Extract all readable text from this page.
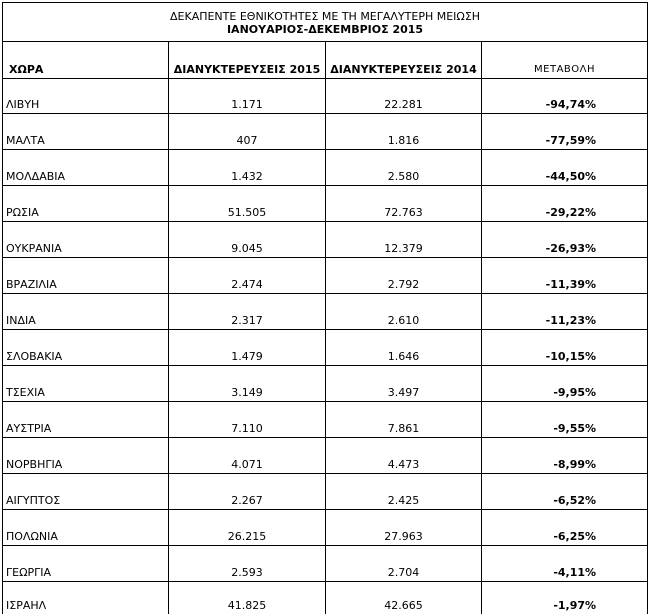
ΔΕΚΑΠΕΝΤΕ ΕΘΝΙΚΟΤΗΤΕΣ ΜΕ ΤΗ ΜΕΓΑΛΥΤΕΡΗ ΜΕΙΩΣΗ
ΙΑΝΟΥΑΡΙΟΣ-ΔΕΚΕΜΒΡΙΟΣ 2015			

ΧΩΡΑ	ΔΙΑΝΥΚΤΕΡΕΥΣΕΙΣ 2015	ΔΙΑΝΥΚΤΕΡΕΥΣΕΙΣ 2014	ΜΕΤΑΒΟΛΗ
ΛΙΒΥΗ	1.171	22.281	-94,74%
ΜΑΛΤΑ	407	1.816	-77,59%
ΜΟΛΔΑΒΙΑ	1.432	2.580	-44,50%
ΡΩΣΙΑ	51.505	72.763	-29,22%
ΟΥΚΡΑΝΙΑ	9.045	12.379	-26,93%
ΒΡΑΖΙΛΙΑ	2.474	2.792	-11,39%
ΙΝΔΙΑ	2.317	2.610	-11,23%
ΣΛΟΒΑΚΙΑ	1.479	1.646	-10,15%
ΤΣΕΧΙΑ	3.149	3.497	-9,95%
ΑΥΣΤΡΙΑ	7.110	7.861	-9,55%
ΝΟΡΒΗΓΙΑ	4.071	4.473	-8,99%
ΑΙΓΥΠΤΟΣ	2.267	2.425	-6,52%
ΠΟΛΩΝΙΑ	26.215	27.963	-6,25%
ΓΕΩΡΓΙΑ	2.593	2.704	-4,11%
ΙΣΡΑΗΛ	41.825	42.665	-1,97%
